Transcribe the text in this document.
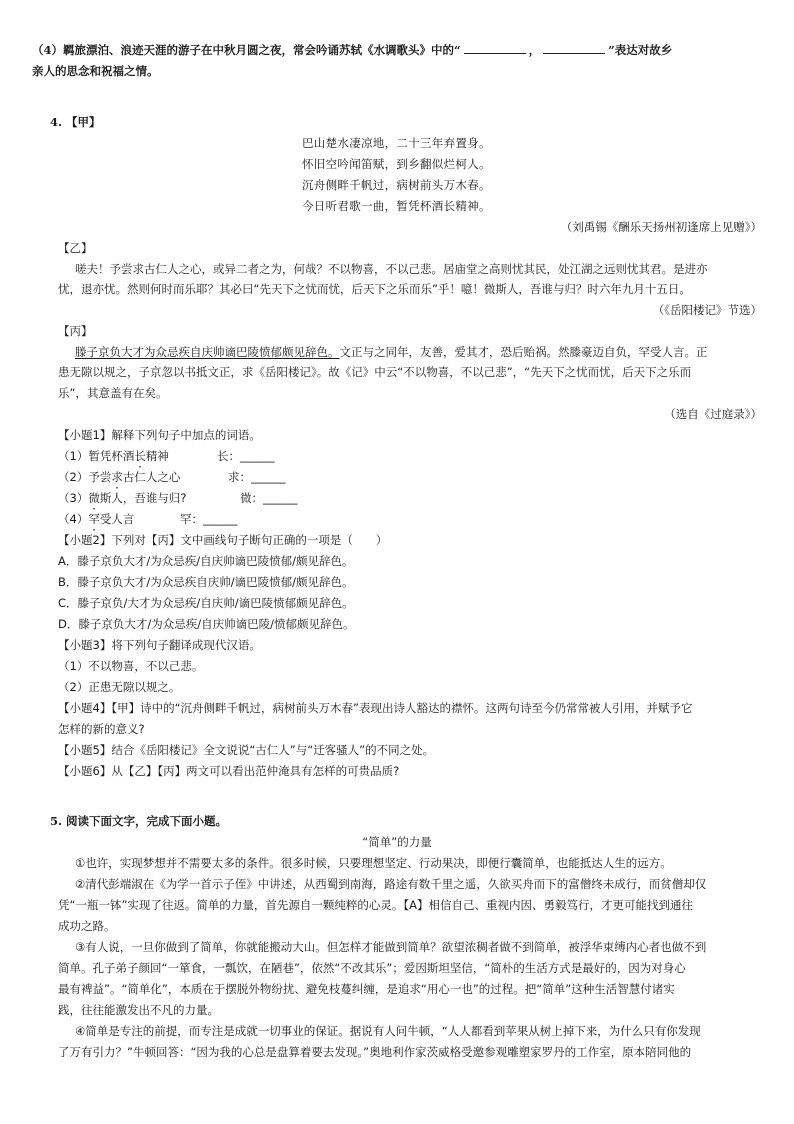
（4）羁旅漂泊、浪迹天涯的游子在中秋月圆之夜，常会吟诵苏轼《水调歌头》中的“	，	”表达对故乡
亲人的思念和祝福之情。
4. 【甲】
巴山楚水凄凉地，二十三年弃置身。
怀旧空吟闻笛赋，到乡翻似烂柯人。
沉舟侧畔千帆过，病树前头万木春。
今日听君歌一曲，暂凭杯酒长精神。
（刘禹锡《酬乐天扬州初逢席上见赠》）
【乙】
嗟夫！予尝求古仁人之心，或异二者之为，何哉？不以物喜，不以己悲。居庙堂之高则忧其民，处江湖之远则忧其君。是进亦
忧，退亦忧。然则何时而乐耶？其必曰“先天下之忧而忧，后天下之乐而乐”乎！噫！微斯人，吾谁与归？时六年九月十五日。
（《岳阳楼记》节选）
【丙】
滕子京负大才为众忌疾自庆帅谪巴陵愤郁颇见辞色。文正与之同年，友善，爱其才，恐后贻祸。然滕豪迈自负，罕受人言。正
患无隙以规之，子京忽以书抵文正，求《岳阳楼记》。故《记》中云“不以物喜，不以己悲”，“先天下之忧而忧，后天下之乐而
乐”，其意盖有在矣。
（选自《过庭录》）
【小题1】解释下列句子中加点的词语。
（1）暂凭杯酒长精神	长：______
（2）予尝求古仁人之心	求：______
（3）微斯人，吾谁与归?	微：______
（4）罕受人言	罕：______
【小题2】下列对【丙】文中画线句子断句正确的一项是（　　）
A．滕子京负大才/为众忌疾/自庆帅谪巴陵愤郁/颇见辞色。
B．滕子京负大才/为众忌疾自庆帅/谪巴陵愤郁/颇见辞色。
C．滕子京负/大才为众忌疾/自庆帅/谪巴陵愤郁颇见辞色。
D．滕子京负大才/为众忌疾/自庆帅谪巴陵/愤郁颇见辞色。
【小题3】将下列句子翻译成现代汉语。
（1）不以物喜，不以己悲。
（2）正患无隙以规之。
【小题4】【甲】诗中的“沉舟侧畔千帆过，病树前头万木春”表现出诗人豁达的襟怀。这两句诗至今仍常常被人引用，并赋予它
怎样的新的意义?
【小题5】结合《岳阳楼记》全文说说“古仁人”与“迁客骚人”的不同之处。
【小题6】从【乙】【丙】两文可以看出范仲淹具有怎样的可贵品质?
5. 阅读下面文字，完成下面小题。
“简单”的力量
①也许，实现梦想并不需要太多的条件。很多时候，只要理想坚定、行动果决，即便行囊简单，也能抵达人生的远方。
②清代彭端淑在《为学一首示子侄》中讲述，从西蜀到南海，路途有数千里之遥，久欲买舟而下的富僧终未成行，而贫僧却仅
凭“一瓶一钵”实现了往返。简单的力量，首先源自一颗纯粹的心灵。【A】相信自己、重视内因、勇毅笃行，才更可能找到通往
成功之路。
③有人说，一旦你做到了简单，你就能搬动大山。但怎样才能做到简单？欲望浓稠者做不到简单，被浮华束缚内心者也做不到
简单。孔子弟子颜回“一箪食，一瓢饮，在陋巷”，依然“不改其乐”；爱因斯坦坚信，“简朴的生活方式是最好的，因为对身心
最有裨益”。“简单化”，本质在于摆脱外物纷扰、避免枝蔓纠缠，是追求“用心一也”的过程。把“简单”这种生活智慧付诸实
践，往往能激发出不凡的力量。
④简单是专注的前提，而专注是成就一切事业的保证。据说有人问牛顿，“人人都看到苹果从树上掉下来，为什么只有你发现
了万有引力？”牛顿回答：“因为我的心总是盘算着要去发现。”奥地利作家茨威格受邀参观雕塑家罗丹的工作室，原本陪同他的
